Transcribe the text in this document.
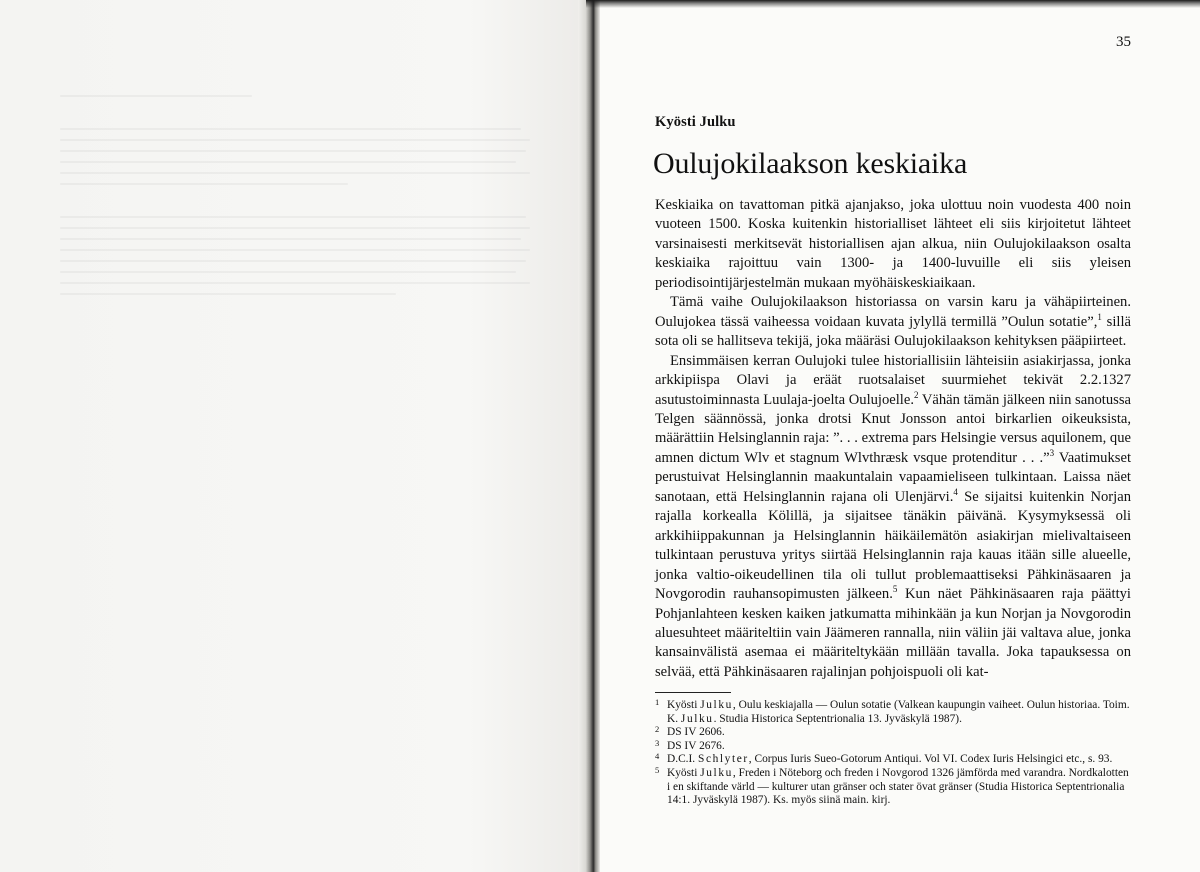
35
Kyösti Julku
Oulujokilaakson keskiaika

Keskiaika on tavattoman pitkä ajanjakso, joka ulottuu noin vuodesta 400 noin vuoteen 1500. Koska kuitenkin historialliset lähteet eli siis kirjoitetut lähteet varsinaisesti merkitsevät historiallisen ajan alkua, niin Oulujokilaakson osalta keskiaika rajoittuu vain 1300- ja 1400-luvuille eli siis yleisen periodisointijärjestelmän mukaan myöhäiskeskiaikaan.

Tämä vaihe Oulujokilaakson historiassa on varsin karu ja vähäpiirteinen. Oulujokea tässä vaiheessa voidaan kuvata jylyllä termillä ”Oulun sotatie”,$^1$ sillä sota oli se hallitseva tekijä, joka määräsi Oulujokilaakson kehityksen pääpiirteet.

Ensimmäisen kerran Oulujoki tulee historiallisiin lähteisiin asiakirjassa, jonka arkkipiispa Olavi ja eräät ruotsalaiset suurmiehet tekivät 2.2.1327 asutustoiminnasta Luulaja-joelta Oulujoelle.$^2$ Vähän tämän jälkeen niin sanotussa Telgen säännössä, jonka drotsi Knut Jonsson antoi birkarlien oikeuksista, määrättiin Helsinglannin raja: ”. . . extrema pars Helsingie versus aquilonem, que amnen dictum Wlv et stagnum Wlvthræsk vsque protenditur . . .”$^3$ Vaatimukset perustuivat Helsinglannin maakuntalain vapaamieliseen tulkintaan. Laissa näet sanotaan, että Helsinglannin rajana oli Ulenjärvi.$^4$ Se sijaitsi kuitenkin Norjan rajalla korkealla Kölillä, ja sijaitsee tänäkin päivänä. Kysymyksessä oli arkkihiippakunnan ja Helsinglannin häikäilemätön asiakirjan mielivaltaiseen tulkintaan perustuva yritys siirtää Helsinglannin raja kauas itään sille alueelle, jonka valtio-oikeudellinen tila oli tullut problemaattiseksi Pähkinäsaaren ja Novgorodin rauhansopimusten jälkeen.$^5$ Kun näet Pähkinäsaaren raja päättyi Pohjanlahteen kesken kaiken jatkumatta mihinkään ja kun Norjan ja Novgorodin aluesuhteet määriteltiin vain Jäämeren rannalla, niin väliin jäi valtava alue, jonka kansainvälistä asemaa ei määriteltykään millään tavalla. Joka tapauksessa on selvää, että Pähkinäsaaren rajalinjan pohjoispuoli oli kat-

1 Kyösti Julku, Oulu keskiajalla — Oulun sotatie (Valkean kaupungin vaiheet. Oulun historiaa. Toim. K. Julku. Studia Historica Septentrionalia 13. Jyväskylä 1987).
2 DS IV 2606.
3 DS IV 2676.
4 D.C.I. Schlyter, Corpus Iuris Sueo-Gotorum Antiqui. Vol VI. Codex Iuris Helsingici etc., s. 93.
5 Kyösti Julku, Freden i Nöteborg och freden i Novgorod 1326 jämförda med varandra. Nordkalotten i en skiftande värld — kulturer utan gränser och stater övat gränser (Studia Historica Septentrionalia 14:1. Jyväskylä 1987). Ks. myös siinä main. kirj.
